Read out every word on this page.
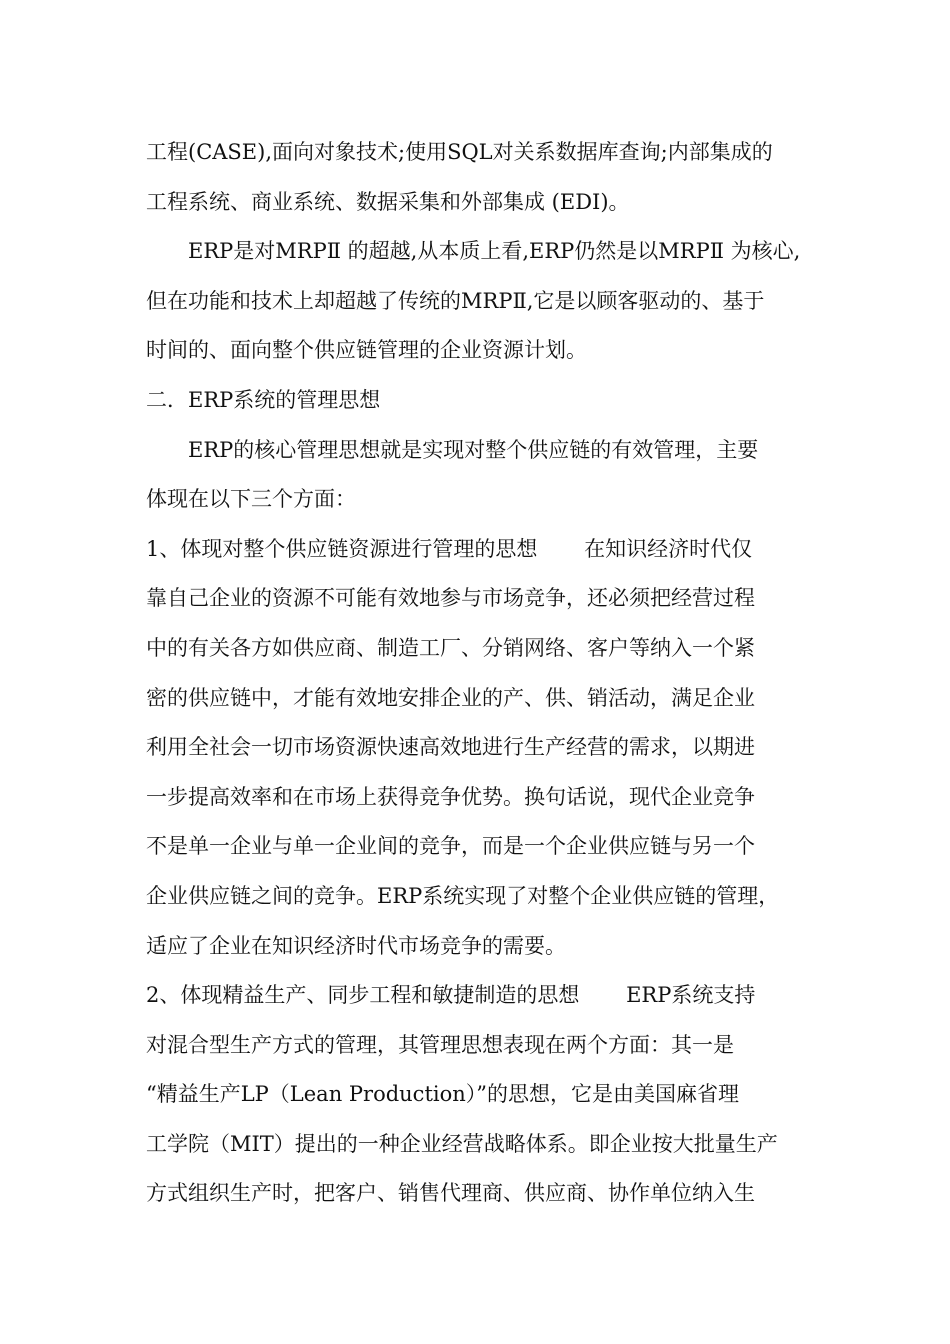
工程(CASE),面向对象技术;使用SQL对关系数据库查询;内部集成的
工程系统、商业系统、数据采集和外部集成 (EDI)。
ERP是对MRPⅡ 的超越,从本质上看,ERP仍然是以MRPⅡ 为核心,
但在功能和技术上却超越了传统的MRPⅡ,它是以顾客驱动的、基于
时间的、面向整个供应链管理的企业资源计划。
二．ERP系统的管理思想
ERP的核心管理思想就是实现对整个供应链的有效管理，主要
体现在以下三个方面：
1、体现对整个供应链资源进行管理的思想       在知识经济时代仅
靠自己企业的资源不可能有效地参与市场竞争，还必须把经营过程
中的有关各方如供应商、制造工厂、分销网络、客户等纳入一个紧
密的供应链中，才能有效地安排企业的产、供、销活动，满足企业
利用全社会一切市场资源快速高效地进行生产经营的需求，以期进
一步提高效率和在市场上获得竞争优势。换句话说，现代企业竞争
不是单一企业与单一企业间的竞争，而是一个企业供应链与另一个
企业供应链之间的竞争。ERP系统实现了对整个企业供应链的管理，
适应了企业在知识经济时代市场竞争的需要。
2、体现精益生产、同步工程和敏捷制造的思想       ERP系统支持
对混合型生产方式的管理，其管理思想表现在两个方面：其一是
“精益生产LP（Lean Production）”的思想，它是由美国麻省理
工学院（MIT）提出的一种企业经营战略体系。即企业按大批量生产
方式组织生产时，把客户、销售代理商、供应商、协作单位纳入生
